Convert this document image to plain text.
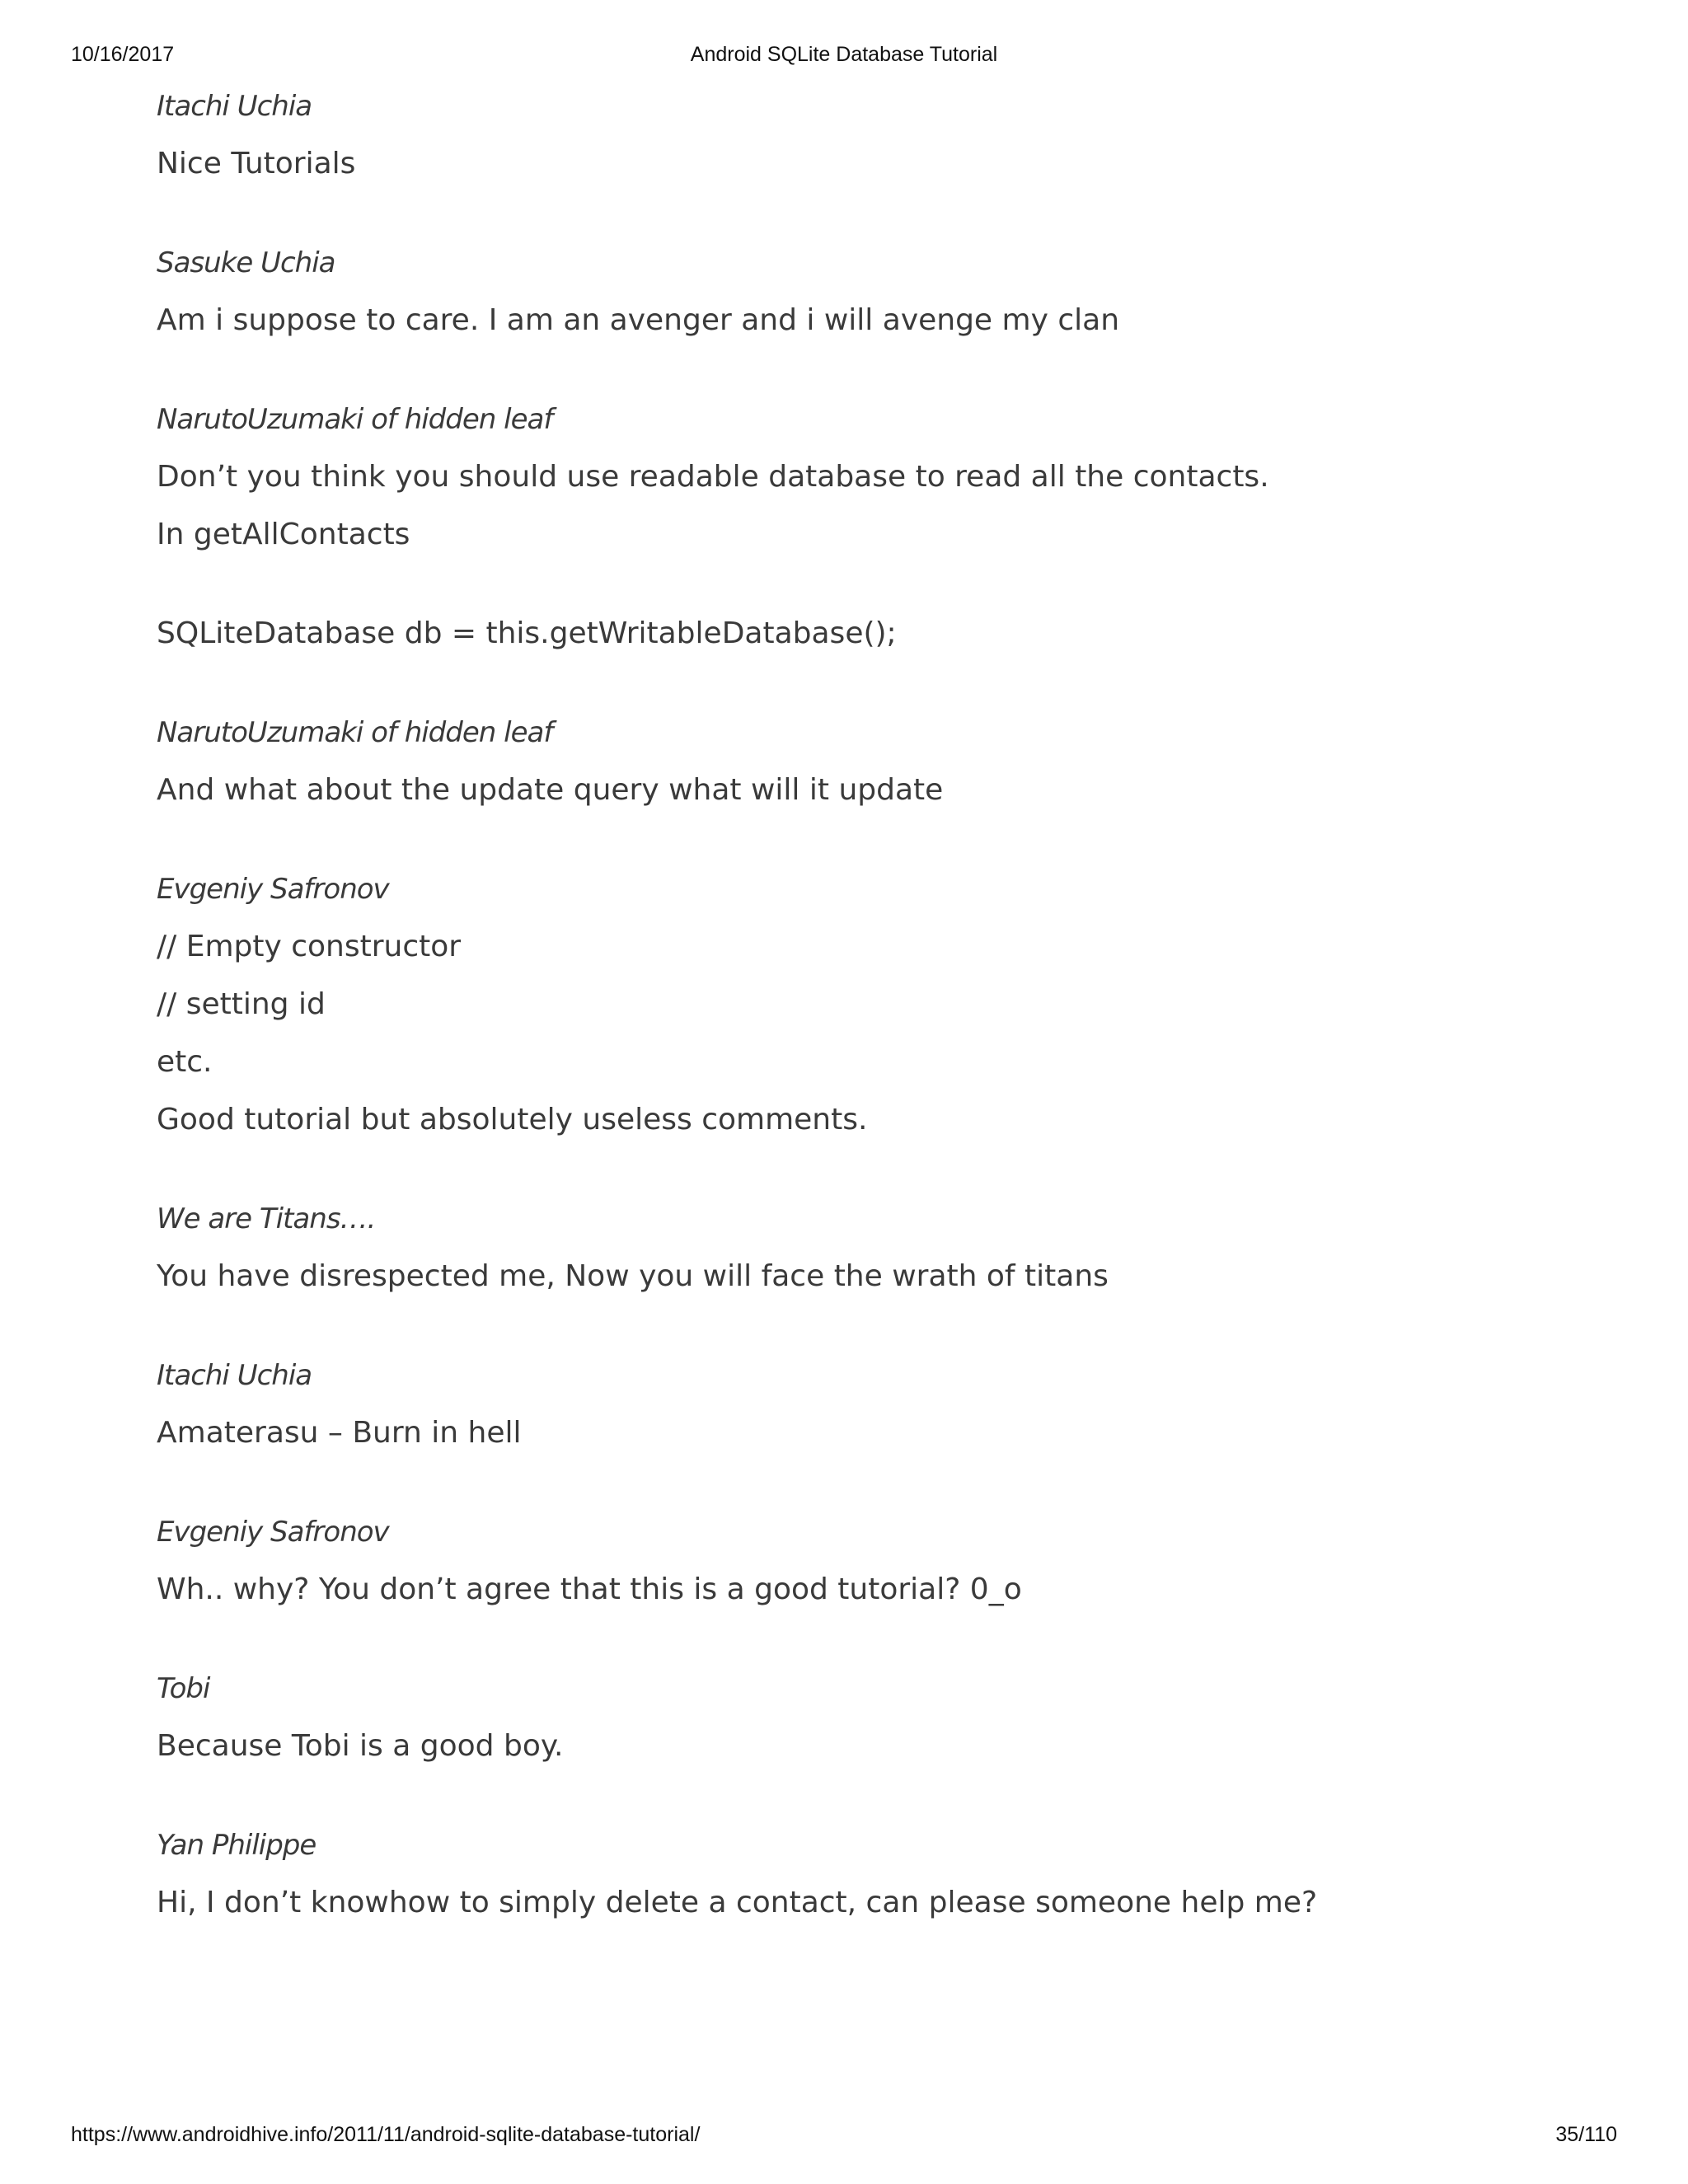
10/16/2017	Android SQLite Database Tutorial
Itachi Uchia
Nice Tutorials
Sasuke Uchia
Am i suppose to care. I am an avenger and i will avenge my clan
NarutoUzumaki of hidden leaf
Don’t you think you should use readable database to read all the contacts.
In getAllContacts
SQLiteDatabase db = this.getWritableDatabase();
NarutoUzumaki of hidden leaf
And what about the update query what will it update
Evgeniy Safronov
// Empty constructor
// setting id
etc.
Good tutorial but absolutely useless comments.
We are Titans….
You have disrespected me, Now you will face the wrath of titans
Itachi Uchia
Amaterasu – Burn in hell
Evgeniy Safronov
Wh.. why? You don’t agree that this is a good tutorial? 0_o
Tobi
Because Tobi is a good boy.
Yan Philippe
Hi, I don’t knowhow to simply delete a contact, can please someone help me?
https://www.androidhive.info/2011/11/android-sqlite-database-tutorial/	35/110
